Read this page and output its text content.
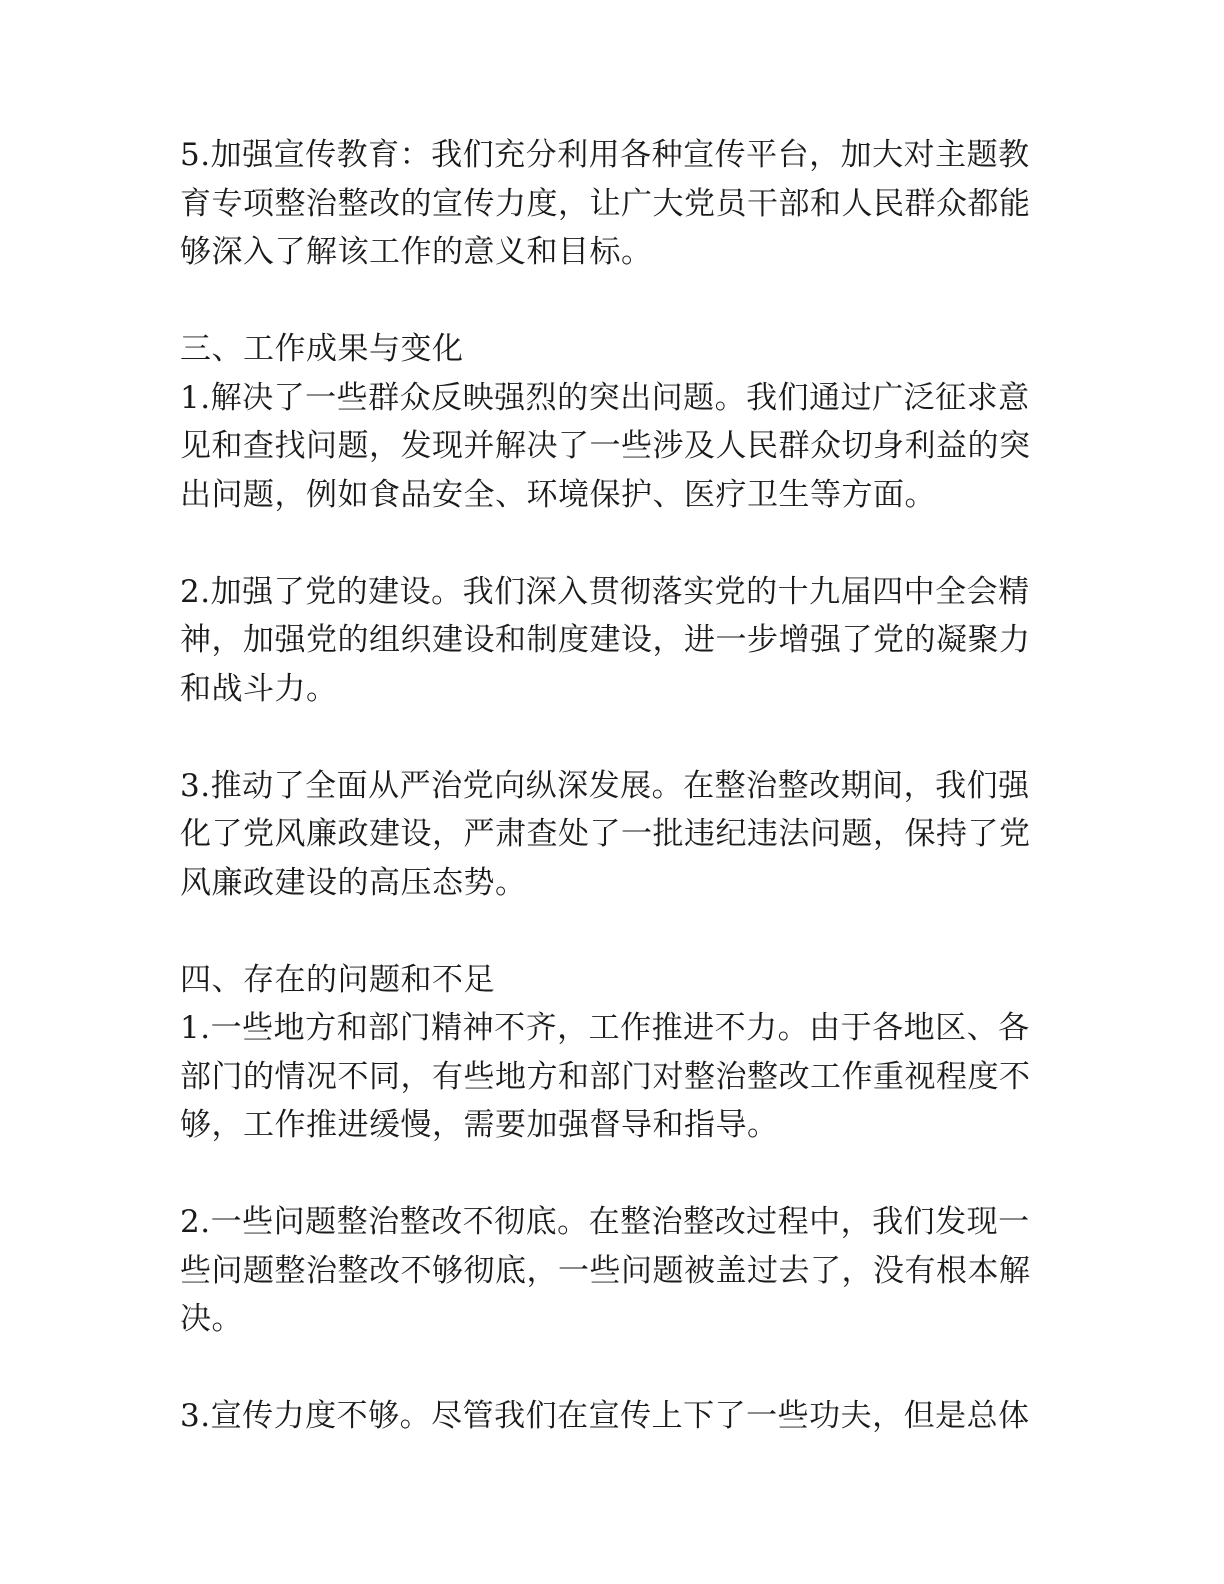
5.加强宣传教育：我们充分利用各种宣传平台，加大对主题教
育专项整治整改的宣传力度，让广大党员干部和人民群众都能
够深入了解该工作的意义和目标。

三、工作成果与变化

1.解决了一些群众反映强烈的突出问题。我们通过广泛征求意
见和查找问题，发现并解决了一些涉及人民群众切身利益的突
出问题，例如食品安全、环境保护、医疗卫生等方面。

2.加强了党的建设。我们深入贯彻落实党的十九届四中全会精
神，加强党的组织建设和制度建设，进一步增强了党的凝聚力
和战斗力。

3.推动了全面从严治党向纵深发展。在整治整改期间，我们强
化了党风廉政建设，严肃查处了一批违纪违法问题，保持了党
风廉政建设的高压态势。

四、存在的问题和不足

1.一些地方和部门精神不齐，工作推进不力。由于各地区、各
部门的情况不同，有些地方和部门对整治整改工作重视程度不
够，工作推进缓慢，需要加强督导和指导。

2.一些问题整治整改不彻底。在整治整改过程中，我们发现一
些问题整治整改不够彻底，一些问题被盖过去了，没有根本解
决。

3.宣传力度不够。尽管我们在宣传上下了一些功夫，但是总体
